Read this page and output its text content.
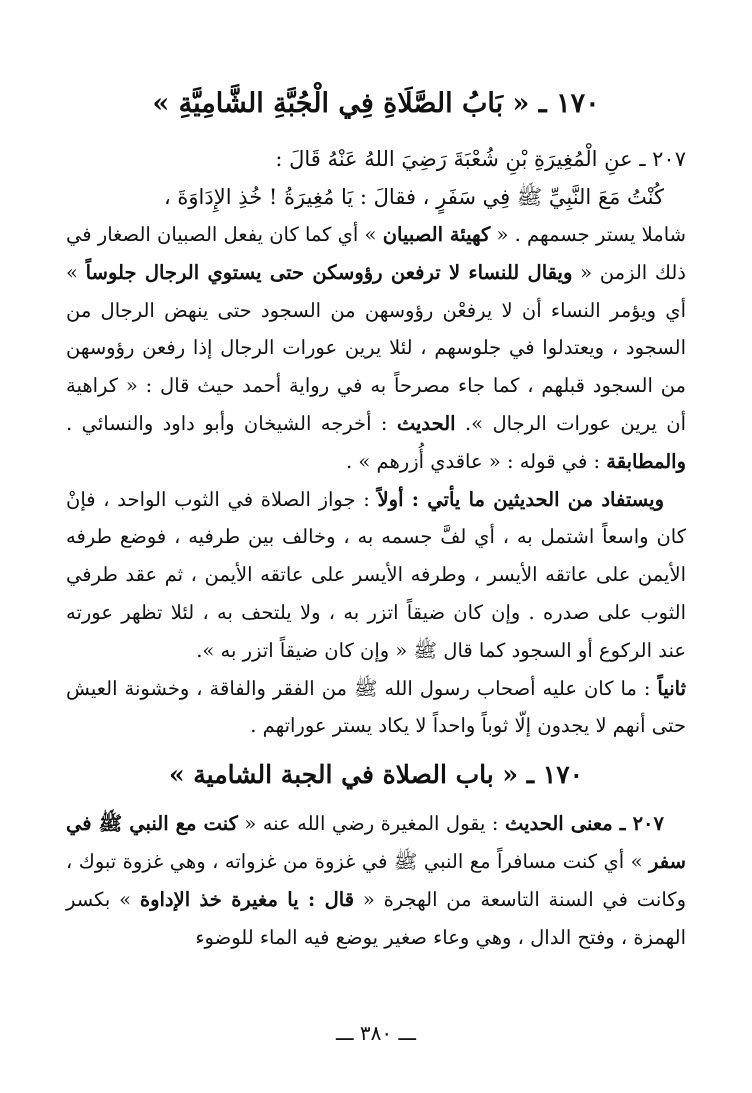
١٧٠ ـ « بَابُ الصَّلَاةِ فِي الْجُبَّةِ الشَّامِيَّةِ »

٢٠٧ ـ عنِ الْمُغِيرَةِ بْنِ شُعْبَةَ رَضِيَ اللهُ عَنْهُ قَالَ :

كُنْتُ مَعَ النَّبِيِّ ﷺ فِي سَفَرٍ ، فقالَ : يَا مُغِيرَةُ ! خُذِ الإِدَاوَةَ ،

شاملا يستر جسمهم . « كهيئة الصبيان » أي كما كان يفعل الصبيان الصغار في ذلك الزمن « ويقال للنساء لا ترفعن رؤوسكن حتى يستوي الرجال جلوساً » أي ويؤمر النساء أن لا يرفعْن رؤوسهن من السجود حتى ينهض الرجال من السجود ، ويعتدلوا في جلوسهم ، لئلا يرين عورات الرجال إذا رفعن رؤوسهن من السجود قبلهم ، كما جاء مصرحاً به في رواية أحمد حيث قال : « كراهية أن يرين عورات الرجال ». الحديث : أخرجه الشيخان وأبو داود والنسائي . والمطابقة : في قوله : « عاقدي أُزرهم » .

ويستفاد من الحديثين ما يأتي : أولاً : جواز الصلاة في الثوب الواحد ، فإنْ كان واسعاً اشتمل به ، أي لفَّ جسمه به ، وخالف بين طرفيه ، فوضع طرفه الأيمن على عاتقه الأيسر ، وطرفه الأيسر على عاتقه الأيمن ، ثم عقد طرفي الثوب على صدره . وإن كان ضيقاً اتزر به ، ولا يلتحف به ، لئلا تظهر عورته عند الركوع أو السجود كما قال ﷺ « وإن كان ضيقاً اتزر به ».

ثانياً : ما كان عليه أصحاب رسول الله ﷺ من الفقر والفاقة ، وخشونة العيش حتى أنهم لا يجدون إلّا ثوباً واحداً لا يكاد يستر عوراتهم .

١٧٠ ـ « باب الصلاة في الجبة الشامية »

٢٠٧ ـ معنى الحديث : يقول المغيرة رضي الله عنه « كنت مع النبي ﷺ في سفر » أي كنت مسافراً مع النبي ﷺ في غزوة من غزواته ، وهي غزوة تبوك ، وكانت في السنة التاسعة من الهجرة « قال : يا مغيرة خذ الإداوة » بكسر الهمزة ، وفتح الدال ، وهي وعاء صغير يوضع فيه الماء للوضوء

ـــ ٣٨٠ ـــ
